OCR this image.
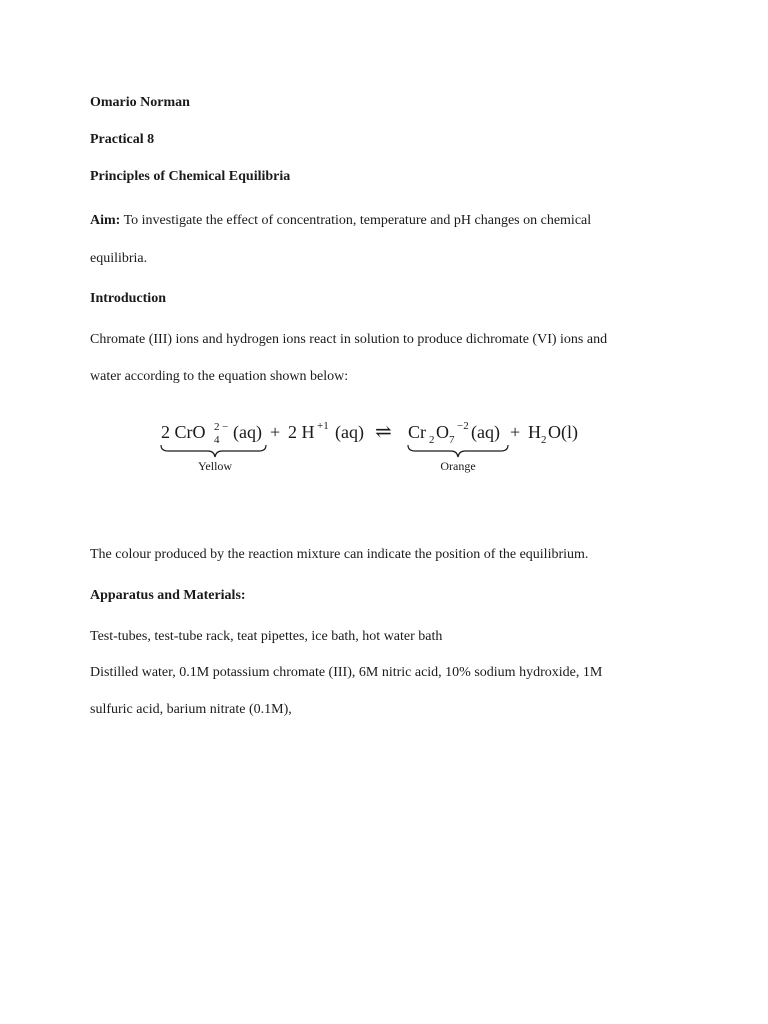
Omario Norman

Practical 8

Principles of Chemical Equilibria

Aim: To investigate the effect of concentration, temperature and pH changes on chemical

equilibria.

Introduction

Chromate (III) ions and hydrogen ions react in solution to produce dichromate (VI) ions and

water according to the equation shown below:

2 CrO 2
4
− (aq) + 2 H +1 (aq) ⇌ Cr 2 O 7
−2 (aq) + H 2 O(l)
Yellow	Orange

The colour produced by the reaction mixture can indicate the position of the equilibrium.

Apparatus and Materials:

Test-tubes, test-tube rack, teat pipettes, ice bath, hot water bath

Distilled water, 0.1M potassium chromate (III), 6M nitric acid, 10% sodium hydroxide, 1M

sulfuric acid, barium nitrate (0.1M),
